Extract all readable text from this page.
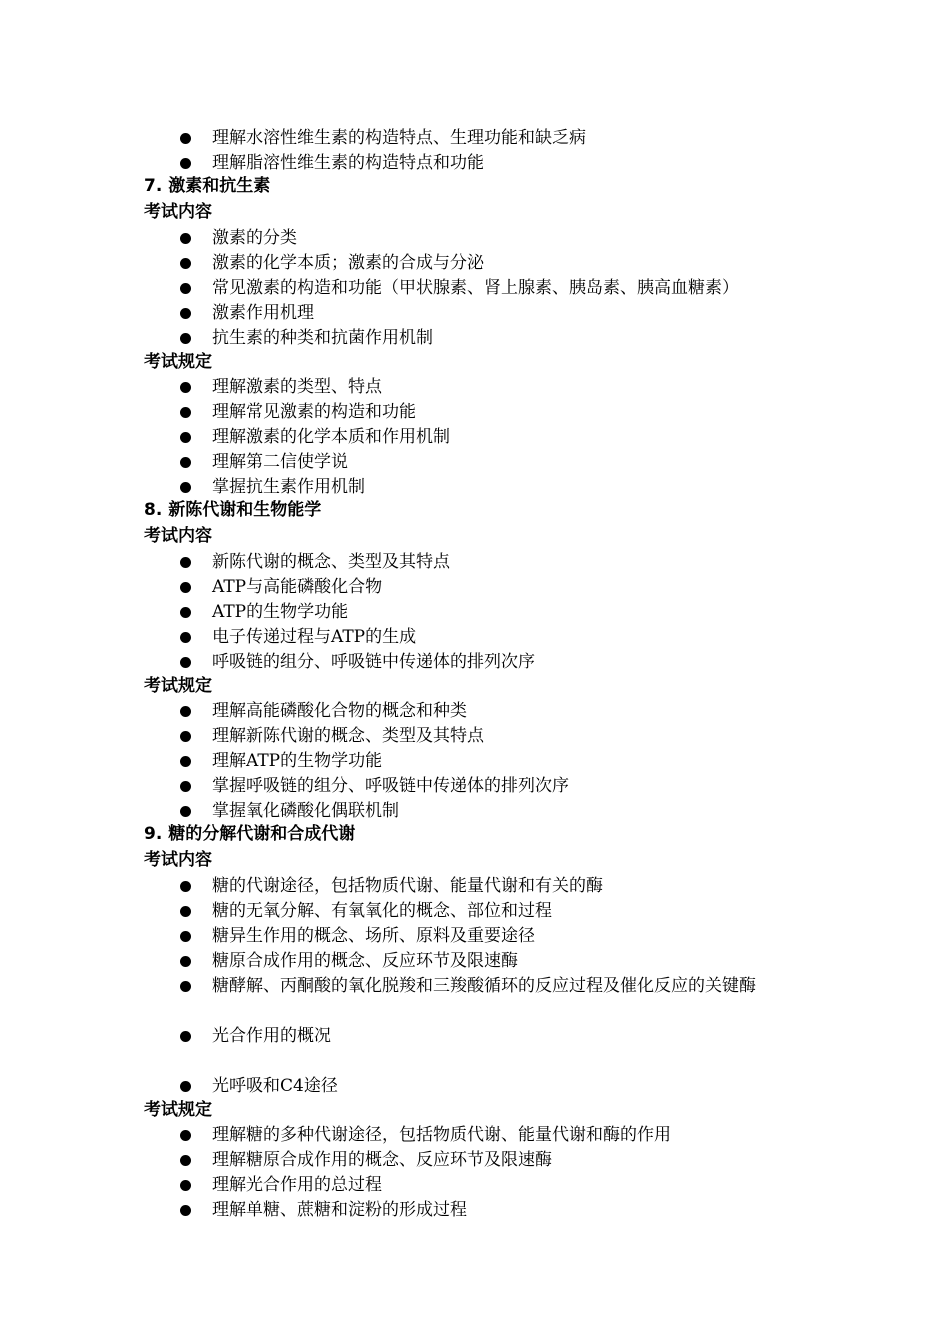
理解水溶性维生素的构造特点、生理功能和缺乏病
理解脂溶性维生素的构造特点和功能
7. 激素和抗生素
考试内容
激素的分类
激素的化学本质；激素的合成与分泌
常见激素的构造和功能（甲状腺素、肾上腺素、胰岛素、胰高血糖素）
激素作用机理
抗生素的种类和抗菌作用机制
考试规定
理解激素的类型、特点
理解常见激素的构造和功能
理解激素的化学本质和作用机制
理解第二信使学说
掌握抗生素作用机制
8. 新陈代谢和生物能学
考试内容
新陈代谢的概念、类型及其特点
ATP与高能磷酸化合物
ATP的生物学功能
电子传递过程与ATP的生成
呼吸链的组分、呼吸链中传递体的排列次序
考试规定
理解高能磷酸化合物的概念和种类
理解新陈代谢的概念、类型及其特点
理解ATP的生物学功能
掌握呼吸链的组分、呼吸链中传递体的排列次序
掌握氧化磷酸化偶联机制
9. 糖的分解代谢和合成代谢
考试内容
糖的代谢途径，包括物质代谢、能量代谢和有关的酶
糖的无氧分解、有氧氧化的概念、部位和过程
糖异生作用的概念、场所、原料及重要途径
糖原合成作用的概念、反应环节及限速酶
糖酵解、丙酮酸的氧化脱羧和三羧酸循环的反应过程及催化反应的关键酶
光合作用的概况
光呼吸和C4途径
考试规定
理解糖的多种代谢途径，包括物质代谢、能量代谢和酶的作用
理解糖原合成作用的概念、反应环节及限速酶
理解光合作用的总过程
理解单糖、蔗糖和淀粉的形成过程
